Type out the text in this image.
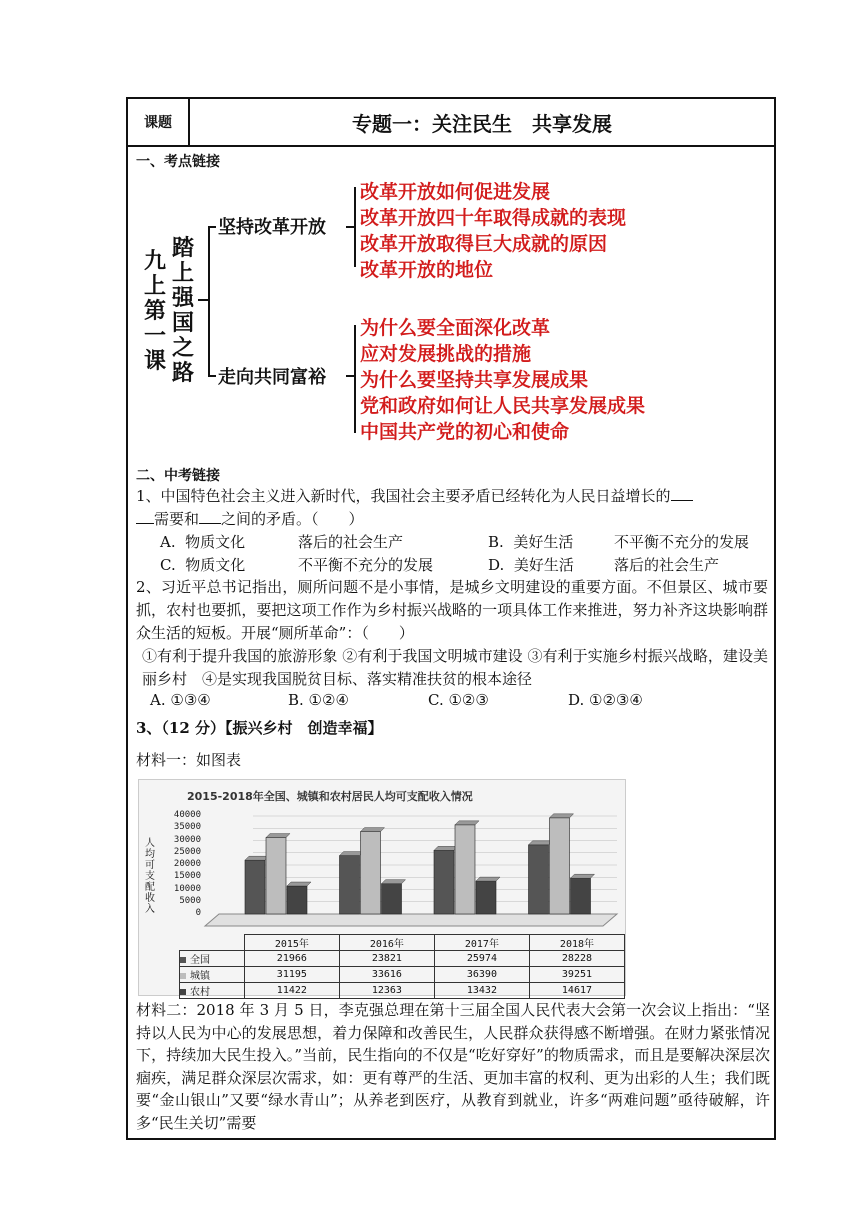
课题	专题一：关注民生　共享发展
一、考点链接
九
上
第
一
课
踏
上
强
国
之
路
坚持改革开放
走向共同富裕
改革开放如何促进发展
改革开放四十年取得成就的表现
改革开放取得巨大成就的原因
改革开放的地位
为什么要全面深化改革
应对发展挑战的措施
为什么要坚持共享发展成果
党和政府如何让人民共享发展成果
中国共产党的初心和使命
二、中考链接
1、中国特色社会主义进入新时代，我国社会主要矛盾已经转化为人民日益增长的
需要和 之间的矛盾。（　　）
A. 物质文化	落后的社会生产	B. 美好生活	不平衡不充分的发展
C. 物质文化	不平衡不充分的发展	D. 美好生活	落后的社会生产
2、习近平总书记指出，厕所问题不是小事情，是城乡文明建设的重要方面。不但景区、城市要抓，农村也要抓，要把这项工作作为乡村振兴战略的一项具体工作来推进，努力补齐这块影响群众生活的短板。开展“厕所革命”：（　　）
①有利于提升我国的旅游形象 ②有利于我国文明城市建设 ③有利于实施乡村振兴战略，建设美丽乡村　④是实现我国脱贫目标、落实精准扶贫的根本途径
A. ①③④	B. ①②④	C. ①②③	D. ①②③④
3、（12 分）【振兴乡村　创造幸福】
材料一：如图表
2015-2018年全国、城镇和农村居民人均可支配收入情况
人均可支配收入
40000
35000
30000
25000
20000
15000
10000
5000
0
	2015年	2016年	2017年	2018年
全国	21966	23821	25974	28228
城镇	31195	33616	36390	39251
农村	11422	12363	13432	14617
材料二：2018 年 3 月 5 日，李克强总理在第十三届全国人民代表大会第一次会议上指出：“坚持以人民为中心的发展思想，着力保障和改善民生，人民群众获得感不断增强。在财力紧张情况下，持续加大民生投入。”当前，民生指向的不仅是“吃好穿好”的物质需求，而且是要解决深层次痼疾，满足群众深层次需求，如：更有尊严的生活、更加丰富的权利、更为出彩的人生；我们既要“金山银山”又要“绿水青山”；从养老到医疗，从教育到就业，许多“两难问题”亟待破解，许多“民生关切”需要
